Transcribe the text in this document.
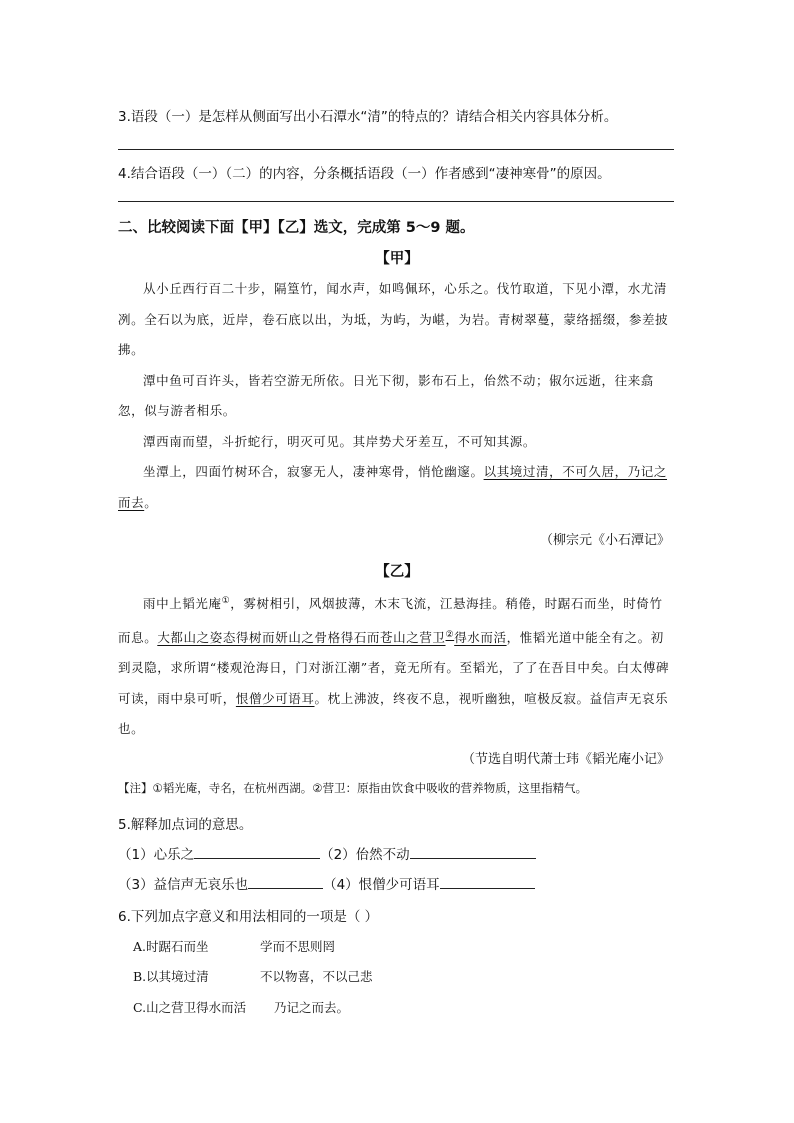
3.语段（一）是怎样从侧面写出小石潭水“清”的特点的？请结合相关内容具体分析。
4.结合语段（一）（二）的内容，分条概括语段（一）作者感到“凄神寒骨”的原因。
二、比较阅读下面【甲】【乙】选文，完成第 5～9 题。
【甲】

从小丘西行百二十步，隔篁竹，闻水声，如鸣佩环，心乐之。伐竹取道，下见小潭，水尤清冽。全石以为底，近岸，卷石底以出，为坻，为屿，为嵁，为岩。青树翠蔓，蒙络摇缀，参差披拂。

潭中鱼可百许头，皆若空游无所依。日光下彻，影布石上，佁然不动；俶尔远逝，往来翕忽，似与游者相乐。

潭西南而望，斗折蛇行，明灭可见。其岸势犬牙差互，不可知其源。

坐潭上，四面竹树环合，寂寥无人，凄神寒骨，悄怆幽邃。以其境过清，不可久居，乃记之而去。

（柳宗元《小石潭记》
【乙】

雨中上韬光庵①，雾树相引，风烟披薄，木末飞流，江悬海挂。稍倦，时踞石而坐，时倚竹而息。大都山之姿态得树而妍山之骨格得石而苍山之营卫②得水而活，惟韬光道中能全有之。初到灵隐，求所谓“楼观沧海日，门对浙江潮”者，竟无所有。至韬光，了了在吾目中矣。白太傅碑可读，雨中泉可听，恨僧少可语耳。枕上沸波，终夜不息，视听幽独，喧极反寂。益信声无哀乐也。

（节选自明代萧士玮《韬光庵小记》
【注】①韬光庵，寺名，在杭州西湖。②营卫：原指由饮食中吸收的营养物质，这里指精气。
5.解释加点词的意思。
（1）心乐之	（2）佁然不动
（3）益信声无哀乐也	（4）恨僧少可语耳
6.下列加点字意义和用法相同的一项是（ ）
A.时踞石而坐	学而不思则罔
B.以其境过清	不以物喜，不以己悲
C.山之营卫得水而活 乃记之而去。
